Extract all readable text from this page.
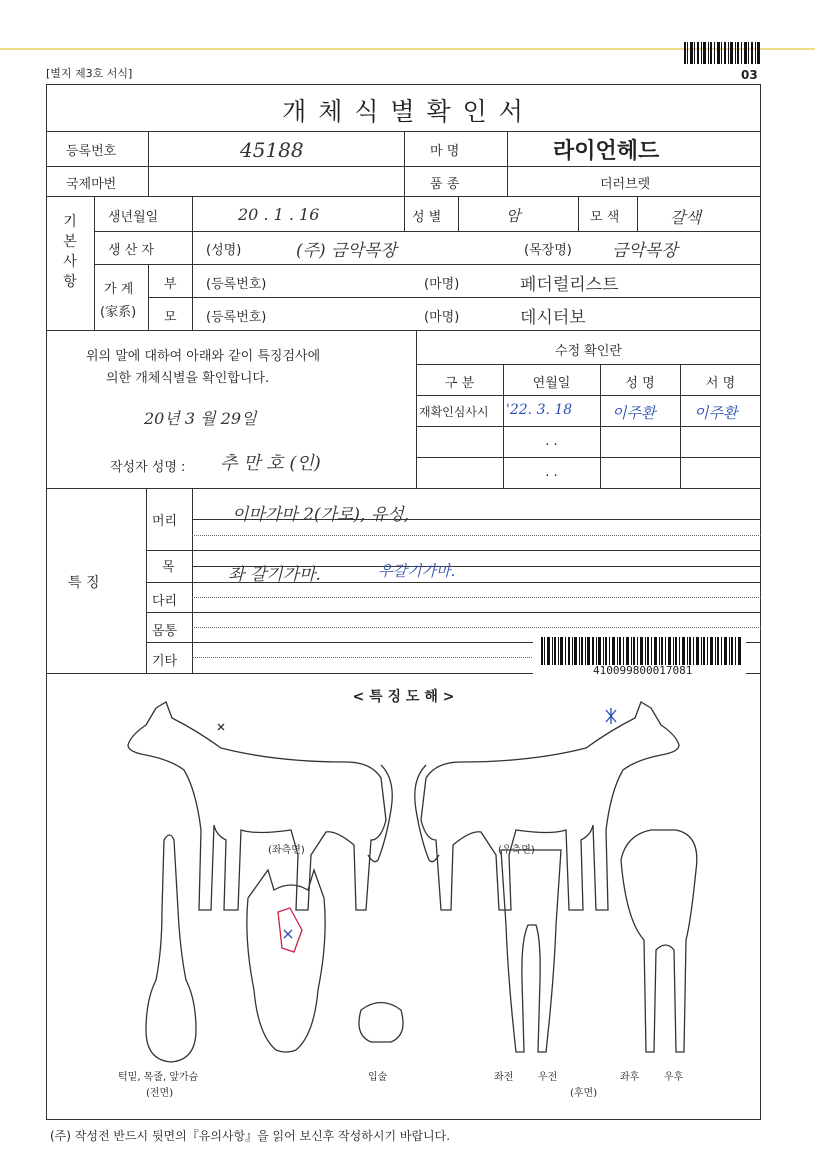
03
[별지 제3호 서식]
개 체 식 별 확 인 서
등록번호	45188	마 명	라이언헤드
국제마번	품 종	더러브렛
기
본
사
항
생년월일	20 . 1 . 16	성 별	암	모 색	갈색
생 산 자	(성명)	(주) 금악목장	(목장명) 금악목장
가 계
(家系)
부 (등록번호)	(마명)	페더럴리스트
모 (등록번호)	(마명)	데시터보
위의 말에 대하여 아래와 같이 특징검사에
의한 개체식별을 확인합니다.
20년 3 월 29일
작성자 성명 : 추 만 호 (인)
수정 확인란
구 분	연월일	성 명	서 명
재확인심사시 '22. 3. 18	이주환	이주환
. .
. .
특 징
머리	이마가마 2(가로), 유성,
목	좌 갈기가마.	우갈기가마.
다리
몸통
기타
410099800017081
< 특 징 도 해 >
(좌측면)	(우측면)
턱밑, 목줄, 앞가슴
(전면)
입술	좌전 우전	좌후 우후
(후면)
(주) 작성전 반드시 뒷면의『유의사항』을 읽어 보신후 작성하시기 바랍니다.
